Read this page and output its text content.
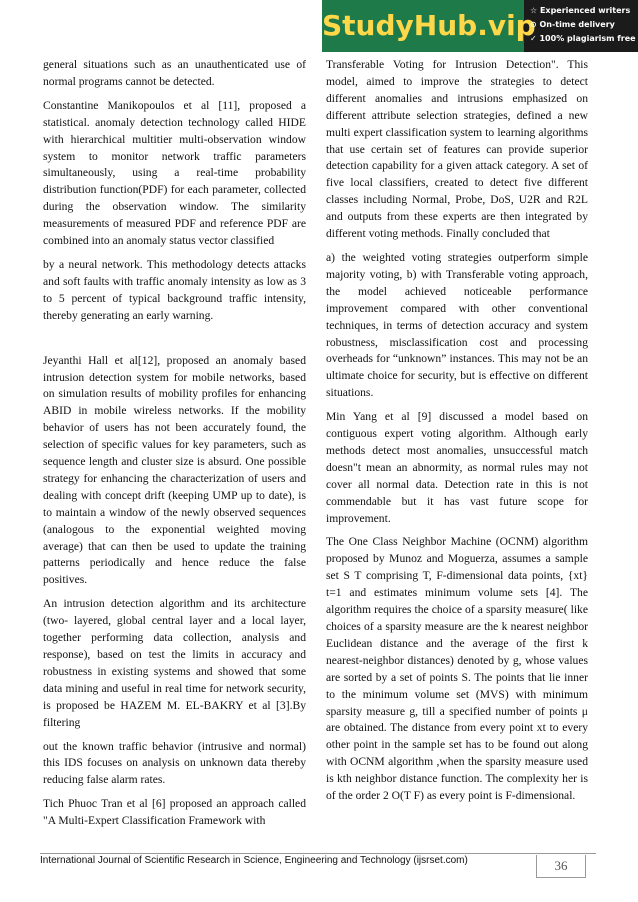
StudyHub.vip
☆ Experienced writers
⊙ On-time delivery
✓ 100% plagiarism free

general situations such as an unauthenticated use of normal programs cannot be detected.

Constantine Manikopoulos et al [11], proposed a statistical. anomaly detection technology called HIDE with hierarchical multitier multi-observation window system to monitor network traffic parameters simultaneously, using a real-time probability distribution function(PDF) for each parameter, collected during the observation window. The similarity measurements of measured PDF and reference PDF are combined into an anomaly status vector classified

by a neural network. This methodology detects attacks and soft faults with traffic anomaly intensity as low as 3 to 5 percent of typical background traffic intensity, thereby generating an early warning.

Jeyanthi Hall et al[12], proposed an anomaly based intrusion detection system for mobile networks, based on simulation results of mobility profiles for enhancing ABID in mobile wireless networks. If the mobility behavior of users has not been accurately found, the selection of specific values for key parameters, such as sequence length and cluster size is absurd. One possible strategy for enhancing the characterization of users and dealing with concept drift (keeping UMP up to date), is to maintain a window of the newly observed sequences (analogous to the exponential weighted moving average) that can then be used to update the training patterns periodically and hence reduce the false positives.

An intrusion detection algorithm and its architecture (two- layered, global central layer and a local layer, together performing data collection, analysis and response), based on test the limits in accuracy and robustness in existing systems and showed that some data mining and useful in real time for network security, is proposed be HAZEM M. EL-BAKRY et al [3].By filtering

out the known traffic behavior (intrusive and normal) this IDS focuses on analysis on unknown data thereby reducing false alarm rates.

Tich Phuoc Tran et al [6] proposed an approach called "A Multi-Expert Classification Framework with

Transferable Voting for Intrusion Detection". This model, aimed to improve the strategies to detect different anomalies and intrusions emphasized on different attribute selection strategies, defined a new multi expert classification system to learning algorithms that use certain set of features can provide superior detection capability for a given attack category. A set of five local classifiers, created to detect five different classes including Normal, Probe, DoS, U2R and R2L and outputs from these experts are then integrated by different voting methods. Finally concluded that

a) the weighted voting strategies outperform simple majority voting, b) with Transferable voting approach, the model achieved noticeable performance improvement compared with other conventional techniques, in terms of detection accuracy and system robustness, misclassification cost and processing overheads for “unknown” instances. This may not be an ultimate choice for security, but is effective on different situations.

Min Yang et al [9] discussed a model based on contiguous expert voting algorithm. Although early methods detect most anomalies, unsuccessful match doesn"t mean an abnormity, as normal rules may not cover all normal data. Detection rate in this is not commendable but it has vast future scope for improvement.

The One Class Neighbor Machine (OCNM) algorithm proposed by Munoz and Moguerza, assumes a sample set S T comprising T, F-dimensional data points, {xt} t=1 and estimates minimum volume sets [4]. The algorithm requires the choice of a sparsity measure( like choices of a sparsity measure are the k nearest neighbor Euclidean distance and the average of the first k nearest-neighbor distances) denoted by g, whose values are sorted by a set of points S. The points that lie inner to the minimum volume set (MVS) with minimum sparsity measure g, till a specified number of points μ are obtained. The distance from every point xt to every other point in the sample set has to be found out along with OCNM algorithm ,when the sparsity measure used is kth neighbor distance function. The complexity her is of the order 2 O(T F) as every point is F-dimensional.

International Journal of Scientific Research in Science, Engineering and Technology (ijsrset.com)	36
